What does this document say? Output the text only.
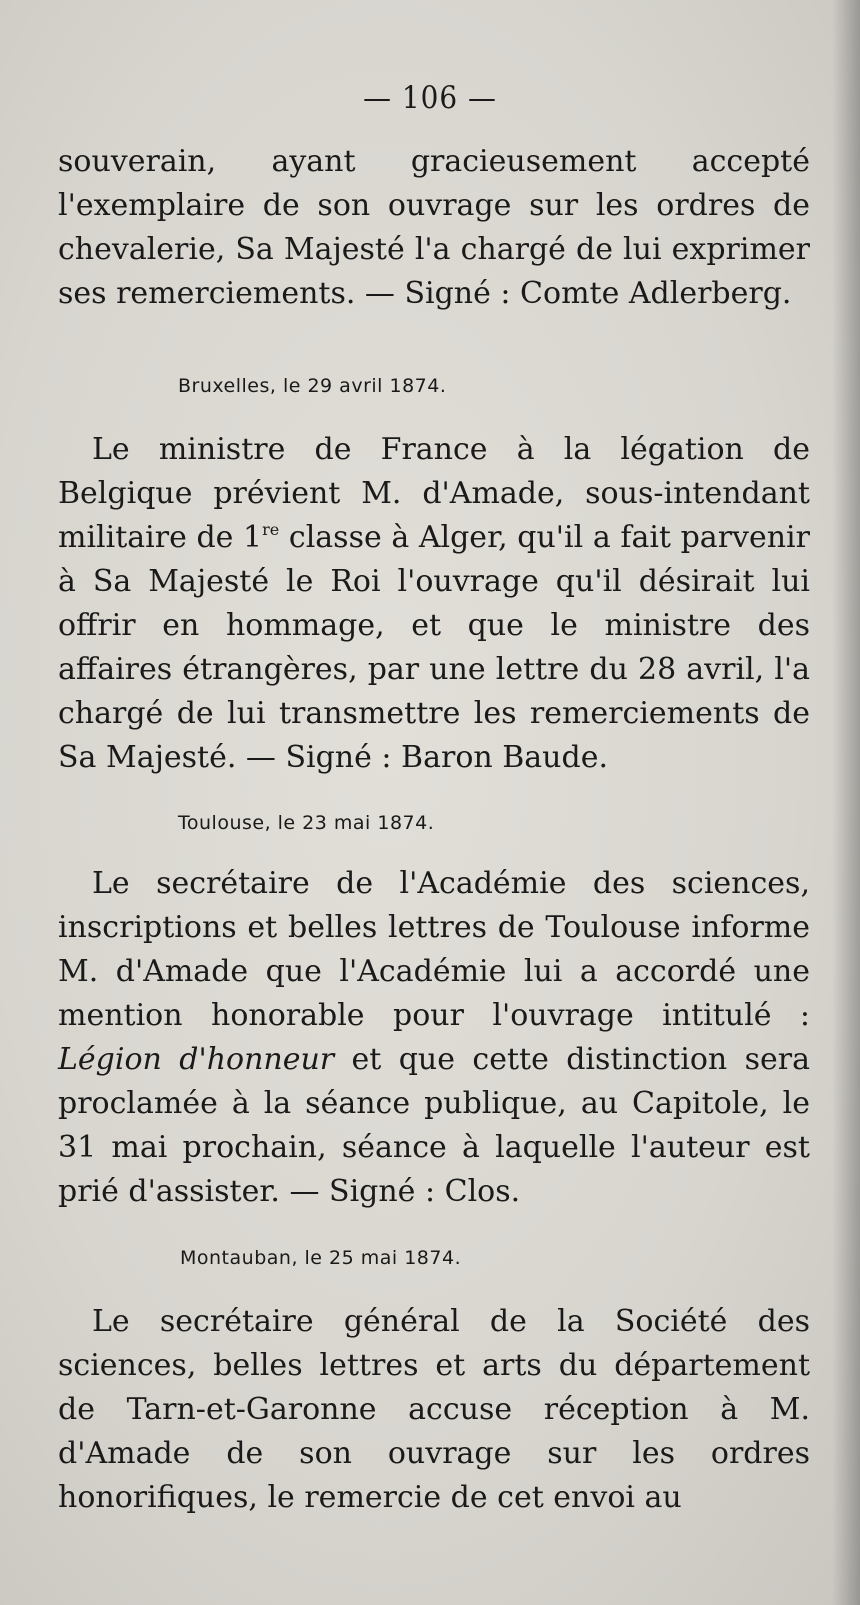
— 106 —
souverain, ayant gracieusement accepté l'exemplaire de son ouvrage sur les ordres de chevalerie, Sa Majesté l'a chargé de lui exprimer ses remerciements. — Signé : Comte Adlerberg.
Bruxelles, le 29 avril 1874.
Le ministre de France à la légation de Belgique prévient M. d'Amade, sous-intendant militaire de 1re classe à Alger, qu'il a fait parvenir à Sa Majesté le Roi l'ouvrage qu'il désirait lui offrir en hommage, et que le ministre des affaires étrangères, par une lettre du 28 avril, l'a chargé de lui transmettre les remerciements de Sa Majesté. — Signé : Baron Baude.
Toulouse, le 23 mai 1874.
Le secrétaire de l'Académie des sciences, inscriptions et belles lettres de Toulouse informe M. d'Amade que l'Académie lui a accordé une mention honorable pour l'ouvrage intitulé : Légion d'honneur et que cette distinction sera proclamée à la séance publique, au Capitole, le 31 mai prochain, séance à laquelle l'auteur est prié d'assister. — Signé : Clos.
Montauban, le 25 mai 1874.
Le secrétaire général de la Société des sciences, belles lettres et arts du département de Tarn-et-Garonne accuse réception à M. d'Amade de son ouvrage sur les ordres honorifiques, le remercie de cet envoi au
